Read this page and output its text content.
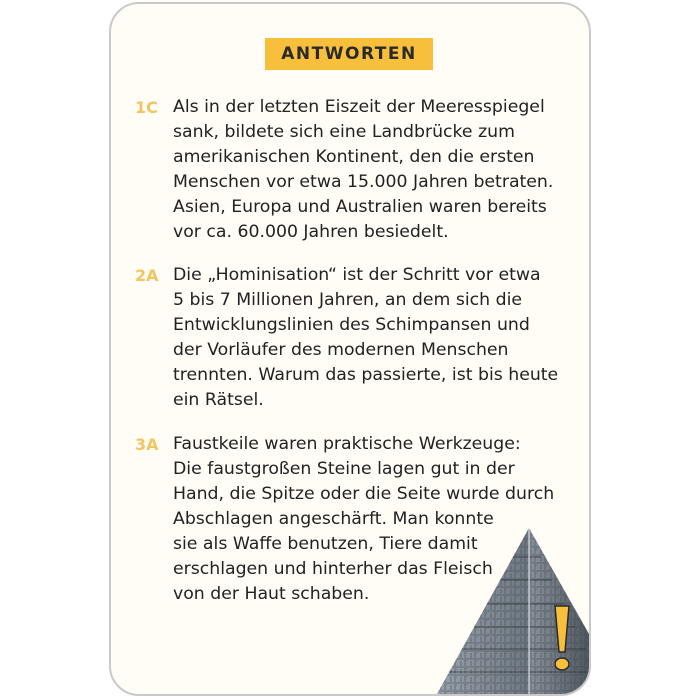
ANTWORTEN
1C Als in der letzten Eiszeit der Meeresspiegel
sank, bildete sich eine Landbrücke zum
amerikanischen Kontinent, den die ersten
Menschen vor etwa 15.000 Jahren betraten.
Asien, Europa und Australien waren bereits
vor ca. 60.000 Jahren besiedelt.
2A Die „Hominisation“ ist der Schritt vor etwa
5 bis 7 Millionen Jahren, an dem sich die
Entwicklungslinien des Schimpansen und
der Vorläufer des modernen Menschen
trennten. Warum das passierte, ist bis heute
ein Rätsel.
3A Faustkeile waren praktische Werkzeuge:
Die faustgroßen Steine lagen gut in der
Hand, die Spitze oder die Seite wurde durch
Abschlagen angeschärft. Man konnte
sie als Waffe benutzen, Tiere damit
erschlagen und hinterher das Fleisch
von der Haut schaben.
